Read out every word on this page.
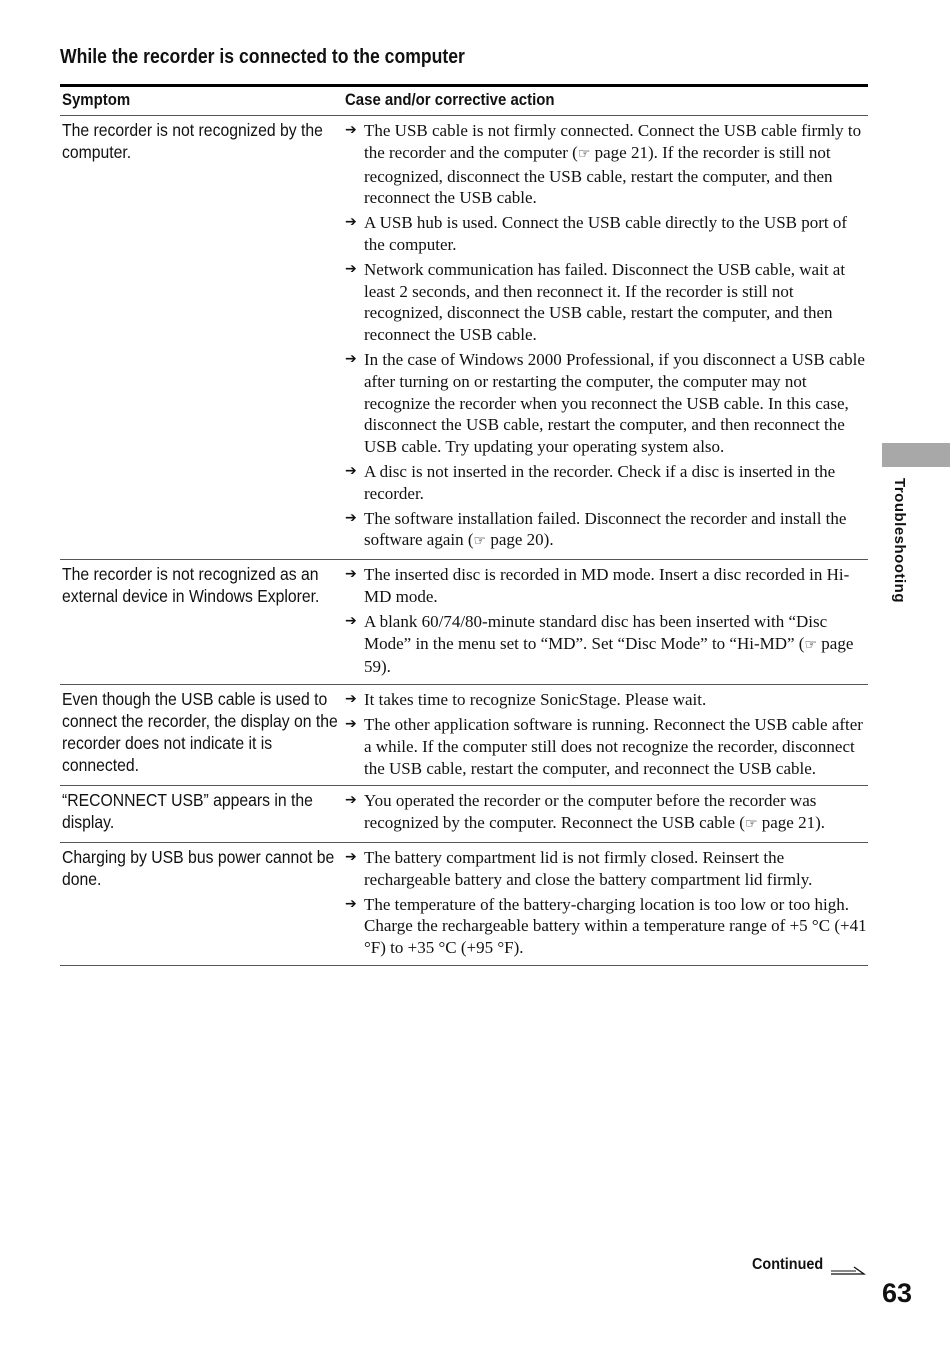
While the recorder is connected to the computer
Symptom	Case and/or corrective action
The recorder is not recognized by the computer.
➔ The USB cable is not firmly connected. Connect the USB cable firmly to the recorder and the computer (☞ page 21). If the recorder is still not recognized, disconnect the USB cable, restart the computer, and then reconnect the USB cable.
➔ A USB hub is used. Connect the USB cable directly to the USB port of the computer.
➔ Network communication has failed. Disconnect the USB cable, wait at least 2 seconds, and then reconnect it. If the recorder is still not recognized, disconnect the USB cable, restart the computer, and then reconnect the USB cable.
➔ In the case of Windows 2000 Professional, if you disconnect a USB cable after turning on or restarting the computer, the computer may not recognize the recorder when you reconnect the USB cable. In this case, disconnect the USB cable, restart the computer, and then reconnect the USB cable. Try updating your operating system also.
➔ A disc is not inserted in the recorder. Check if a disc is inserted in the recorder.
➔ The software installation failed. Disconnect the recorder and install the software again (☞ page 20).
The recorder is not recognized as an external device in Windows Explorer.
➔ The inserted disc is recorded in MD mode. Insert a disc recorded in Hi-MD mode.
➔ A blank 60/74/80-minute standard disc has been inserted with “Disc Mode” in the menu set to “MD”. Set “Disc Mode” to “Hi-MD” (☞ page 59).
Even though the USB cable is used to connect the recorder, the display on the recorder does not indicate it is connected.
➔ It takes time to recognize SonicStage. Please wait.
➔ The other application software is running. Reconnect the USB cable after a while. If the computer still does not recognize the recorder, disconnect the USB cable, restart the computer, and reconnect the USB cable.
“RECONNECT USB” appears in the display.
➔ You operated the recorder or the computer before the recorder was recognized by the computer. Reconnect the USB cable (☞ page 21).
Charging by USB bus power cannot be done.
➔ The battery compartment lid is not firmly closed. Reinsert the rechargeable battery and close the battery compartment lid firmly.
➔ The temperature of the battery-charging location is too low or too high. Charge the rechargeable battery within a temperature range of +5 °C (+41 °F) to +35 °C (+95 °F).
Troubleshooting
Continued
63
